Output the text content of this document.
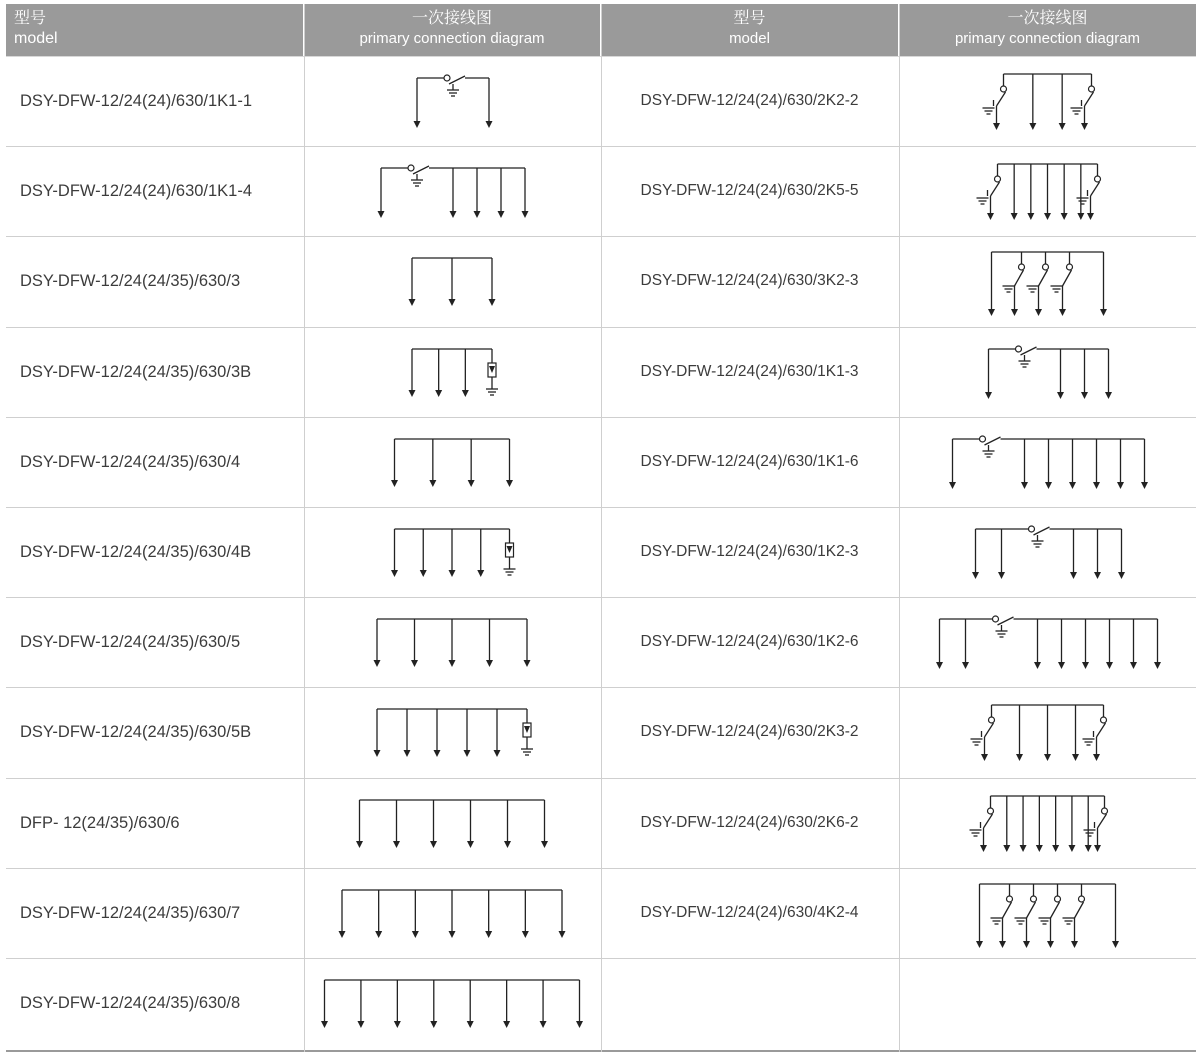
型号
model
一次接线图
primary connection diagram
型号
model
一次接线图
primary connection diagram
DSY-DFW-12/24(24)/630/1K1-1
DSY-DFW-12/24(24)/630/1K1-4
DSY-DFW-12/24(24/35)/630/3
DSY-DFW-12/24(24/35)/630/3B
DSY-DFW-12/24(24/35)/630/4
DSY-DFW-12/24(24/35)/630/4B
DSY-DFW-12/24(24/35)/630/5
DSY-DFW-12/24(24/35)/630/5B
DFP- 12(24/35)/630/6
DSY-DFW-12/24(24/35)/630/7
DSY-DFW-12/24(24/35)/630/8
DSY-DFW-12/24(24)/630/2K2-2
DSY-DFW-12/24(24)/630/2K5-5
DSY-DFW-12/24(24)/630/3K2-3
DSY-DFW-12/24(24)/630/1K1-3
DSY-DFW-12/24(24)/630/1K1-6
DSY-DFW-12/24(24)/630/1K2-3
DSY-DFW-12/24(24)/630/1K2-6
DSY-DFW-12/24(24)/630/2K3-2
DSY-DFW-12/24(24)/630/2K6-2
DSY-DFW-12/24(24)/630/4K2-4
